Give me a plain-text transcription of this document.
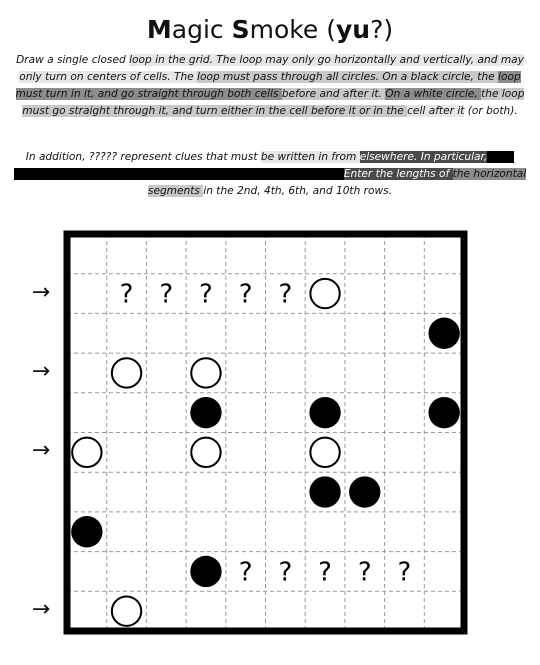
Magic Smoke (yu?)
Draw a single closed loop in the grid. The loop may only go horizontally and vertically, and may only turn on centers of cells. The loop must pass through all circles. On a black circle, the loop must turn in it, and go straight through both cells before and after it. On a white circle, the loop must go straight through it, and turn either in the cell before it or in the cell after it (or both).
In addition, ????? represent clues that must be written in from elsewhere. In particular,                                                                                                           Enter the lengths of the horizontal segments in the 2nd, 4th, 6th, and 10th rows.
? ? ? ? ?
? ? ? ? ?
→
→
→
→
